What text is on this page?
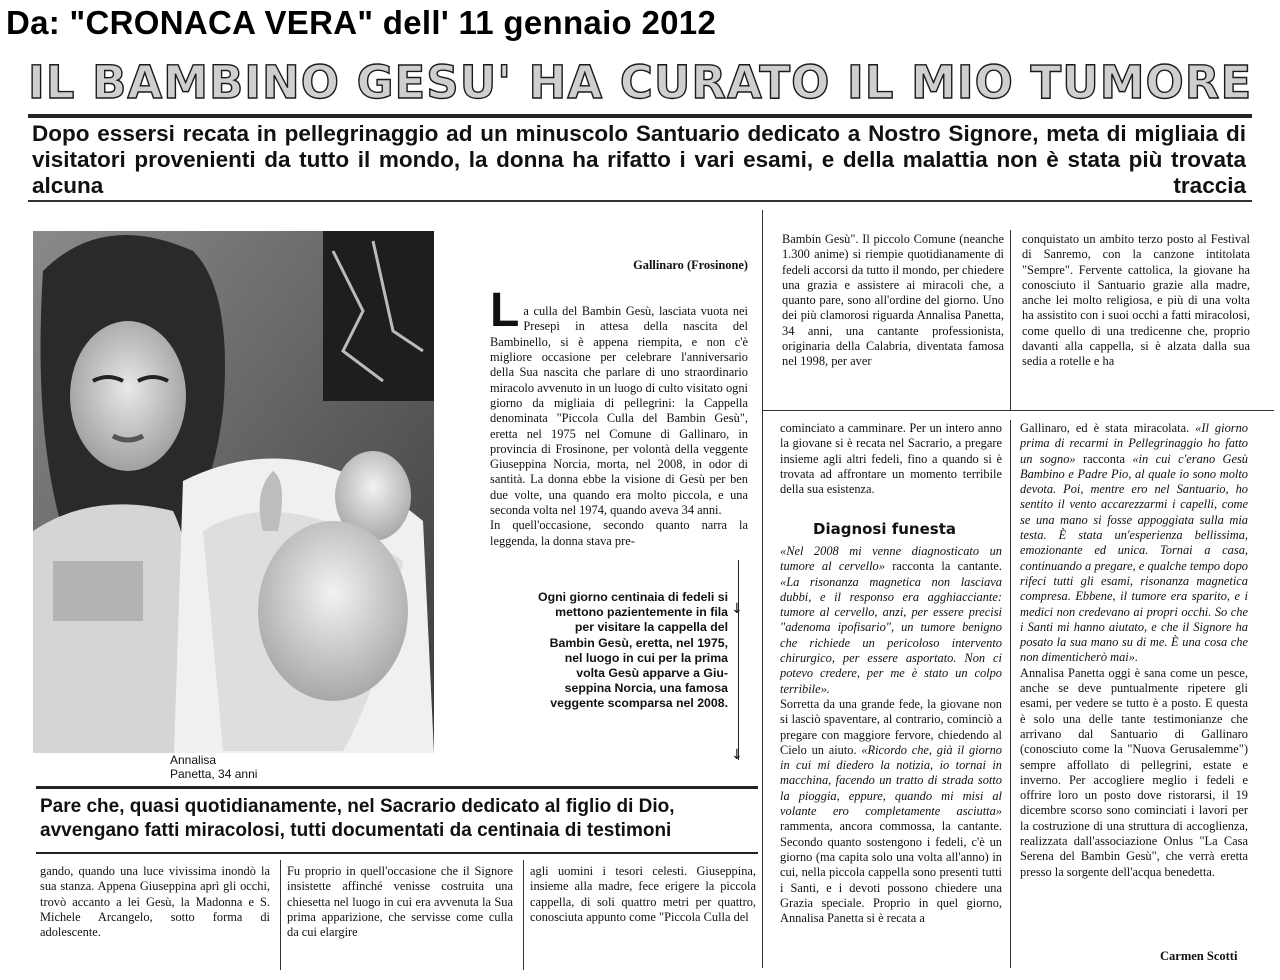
Da: "CRONACA VERA" dell' 11 gennaio 2012
IL BAMBINO GESU' HA CURATO IL MIO TUMORE
Dopo essersi recata in pellegrinaggio ad un minuscolo Santuario dedicato a Nostro Signore, meta di migliaia di visitatori provenienti da tutto il mondo, la donna ha rifatto i vari esami, e della malattia non è stata più trovata alcuna traccia
Annalisa
Panetta, 34 anni

Gallinaro (Frosinone)

L a culla del Bambin Gesù, lasciata vuota nei Presepi in attesa della nascita del Bambinello, si è appena riempita, e non c'è migliore occasione per celebrare l'anniversario della Sua nascita che parlare di uno straordinario miracolo avvenuto in un luogo di culto visitato ogni giorno da migliaia di pellegrini: la Cappella denominata "Piccola Culla del Bambin Gesù", eretta nel 1975 nel Comune di Gallinaro, in provincia di Frosinone, per volontà della veggente Giuseppina Norcia, morta, nel 2008, in odor di santità. La donna ebbe la visione di Gesù per ben due volte, una quando era molto piccola, e una seconda volta nel 1974, quando aveva 34 anni.
In quell'occasione, secondo quanto narra la leggenda, la donna stava pre-

Ogni giorno centinaia di fedeli si
mettono pazientemente in fila
per visitare la cappella del
Bambin Gesù, eretta, nel 1975,
nel luogo in cui per la prima
volta Gesù apparve a Giu-
seppina Norcia, una famosa
veggente scomparsa nel 2008.
↓
↓
Bambin Gesù". Il piccolo Comune (neanche 1.300 anime) si riempie quotidianamente di fedeli accorsi da tutto il mondo, per chiedere una grazia e assistere ai miracoli che, a quanto pare, sono all'ordine del giorno. Uno dei più clamorosi riguarda Annalisa Panetta, 34 anni, una cantante professionista, originaria della Calabria, diventata famosa nel 1998, per aver
conquistato un ambito terzo posto al Festival di Sanremo, con la canzone intitolata "Sempre". Fervente cattolica, la giovane ha conosciuto il Santuario grazie alla madre, anche lei molto religiosa, e più di una volta ha assistito con i suoi occhi a fatti miracolosi, come quello di una tredicenne che, proprio davanti alla cappella, si è alzata dalla sua sedia a rotelle e ha
cominciato a camminare. Per un intero anno la giovane si è recata nel Sacrario, a pregare insieme agli altri fedeli, fino a quando si è trovata ad affrontare un momento terribile della sua esistenza.
Diagnosi funesta
«Nel 2008 mi venne diagnosticato un tumore al cervello» racconta la cantante. «La risonanza magnetica non lasciava dubbi, e il responso era agghiacciante: tumore al cervello, anzi, per essere precisi "adenoma ipofisario", un tumore benigno che richiede un pericoloso intervento chirurgico, per essere asportato. Non ci potevo credere, per me è stato un colpo terribile».
Sorretta da una grande fede, la giovane non si lasciò spaventare, al contrario, cominciò a pregare con maggiore fervore, chiedendo al Cielo un aiuto. «Ricordo che, già il giorno in cui mi diedero la notizia, io tornai in macchina, facendo un tratto di strada sotto la pioggia, eppure, quando mi misi al volante ero completamente asciutta» rammenta, ancora commossa, la cantante. Secondo quanto sostengono i fedeli, c'è un giorno (ma capita solo una volta all'anno) in cui, nella piccola cappella sono presenti tutti i Santi, e i devoti possono chiedere una Grazia speciale. Proprio in quel giorno, Annalisa Panetta si è recata a
Gallinaro, ed è stata miracolata. «Il giorno prima di recarmi in Pellegrinaggio ho fatto un sogno» racconta «in cui c'erano Gesù Bambino e Padre Pio, al quale io sono molto devota. Poi, mentre ero nel Santuario, ho sentito il vento accarezzarmi i capelli, come se una mano si fosse appoggiata sulla mia testa. È stata un'esperienza bellissima, emozionante ed unica. Tornai a casa, continuando a pregare, e qualche tempo dopo rifeci tutti gli esami, risonanza magnetica compresa. Ebbene, il tumore era sparito, e i medici non credevano ai propri occhi. So che i Santi mi hanno aiutato, e che il Signore ha posato la sua mano su di me. È una cosa che non dimenticherò mai».
Annalisa Panetta oggi è sana come un pesce, anche se deve puntualmente ripetere gli esami, per vedere se tutto è a posto. E questa è solo una delle tante testimonianze che arrivano dal Santuario di Gallinaro (conosciuto come la "Nuova Gerusalemme") sempre affollato di pellegrini, estate e inverno. Per accogliere meglio i fedeli e offrire loro un posto dove ristorarsi, il 19 dicembre scorso sono cominciati i lavori per la costruzione di una struttura di accoglienza, realizzata dall'associazione Onlus "La Casa Serena del Bambin Gesù", che verrà eretta presso la sorgente dell'acqua benedetta.
Carmen Scotti
Pare che, quasi quotidianamente, nel Sacrario dedicato al figlio di Dio,
avvengano fatti miracolosi, tutti documentati da centinaia di testimoni
gando, quando una luce vivissima inondò la sua stanza. Appena Giuseppina aprì gli occhi, trovò accanto a lei Gesù, la Madonna e S. Michele Arcangelo, sotto forma di adolescente.
Fu proprio in quell'occasione che il Signore insistette affinché venisse costruita una chiesetta nel luogo in cui era avvenuta la Sua prima apparizione, che servisse come culla da cui elargire
agli uomini i tesori celesti. Giuseppina, insieme alla madre, fece erigere la piccola cappella, di soli quattro metri per quattro, conosciuta appunto come "Piccola Culla del
